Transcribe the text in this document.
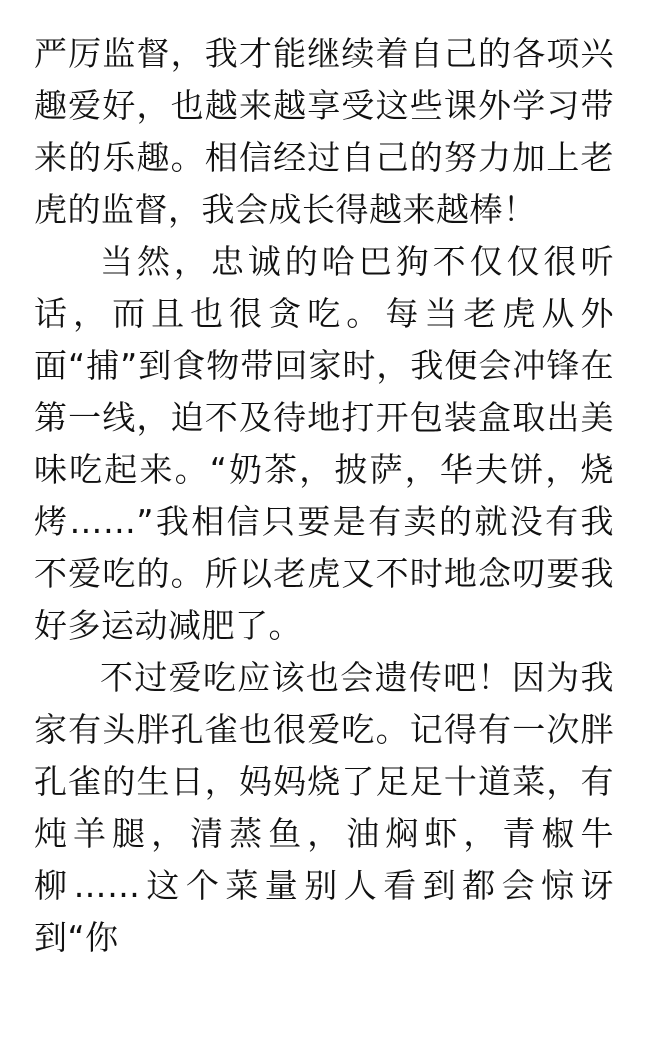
严厉监督，我才能继续着自己的各项兴趣爱好，也越来越享受这些课外学习带来的乐趣。相信经过自己的努力加上老虎的监督，我会成长得越来越棒！

当然，忠诚的哈巴狗不仅仅很听话，而且也很贪吃。每当老虎从外面“捕”到食物带回家时，我便会冲锋在第一线，迫不及待地打开包装盒取出美味吃起来。“奶茶，披萨，华夫饼，烧烤……”我相信只要是有卖的就没有我不爱吃的。所以老虎又不时地念叨要我好多运动减肥了。

不过爱吃应该也会遗传吧！因为我家有头胖孔雀也很爱吃。记得有一次胖孔雀的生日，妈妈烧了足足十道菜，有炖羊腿，清蒸鱼，油焖虾，青椒牛柳……这个菜量别人看到都会惊讶到“你
